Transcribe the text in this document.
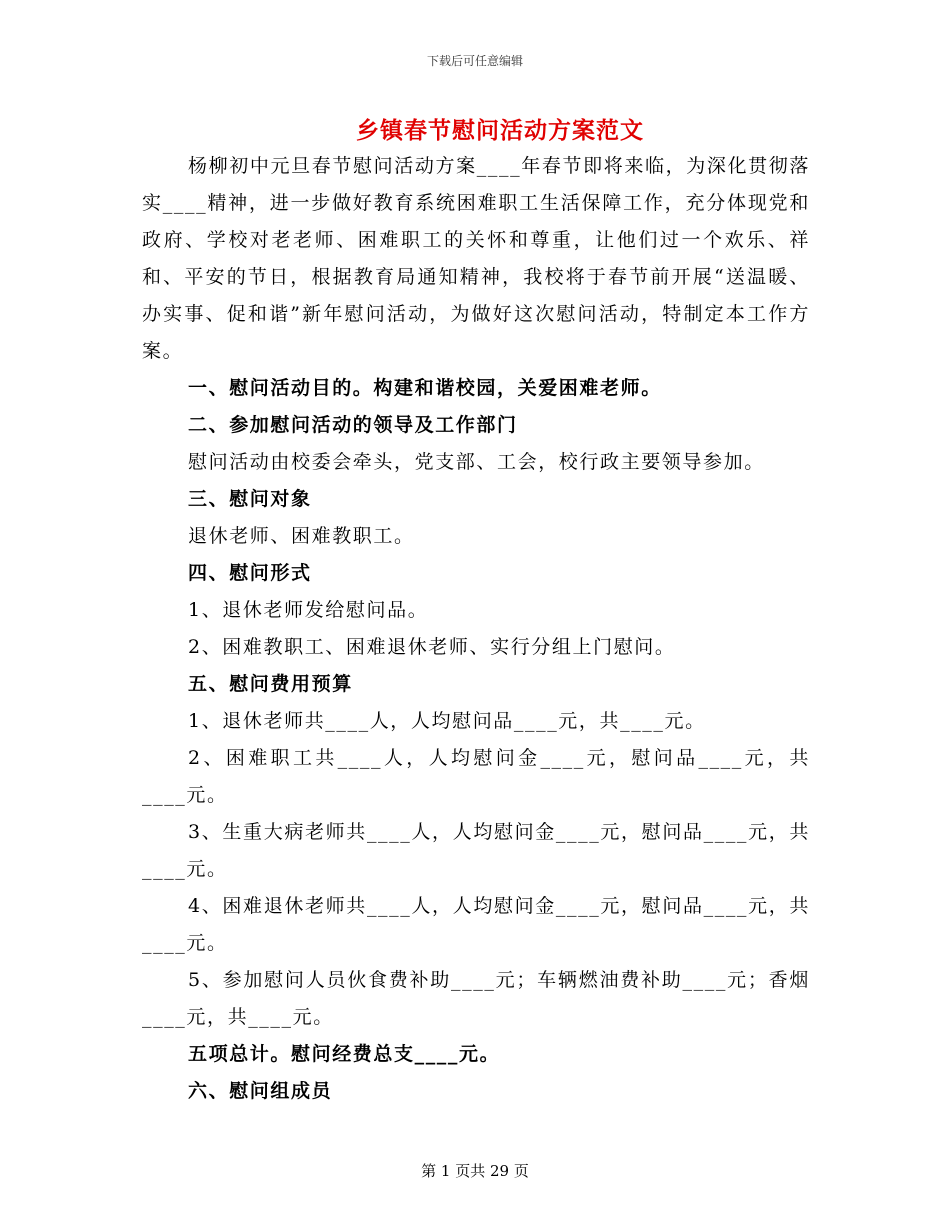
下载后可任意编辑
乡镇春节慰问活动方案范文

杨柳初中元旦春节慰问活动方案____年春节即将来临，为深化贯彻落实____精神，进一步做好教育系统困难职工生活保障工作，充分体现党和政府、学校对老老师、困难职工的关怀和尊重，让他们过一个欢乐、祥和、平安的节日，根据教育局通知精神，我校将于春节前开展“送温暖、办实事、促和谐”新年慰问活动，为做好这次慰问活动，特制定本工作方案。

一、慰问活动目的。构建和谐校园，关爱困难老师。

二、参加慰问活动的领导及工作部门

慰问活动由校委会牵头，党支部、工会，校行政主要领导参加。

三、慰问对象

退休老师、困难教职工。

四、慰问形式

1、退休老师发给慰问品。

2、困难教职工、困难退休老师、实行分组上门慰问。

五、慰问费用预算

1、退休老师共____人，人均慰问品____元，共____元。

2、困难职工共____人，人均慰问金____元，慰问品____元，共____元。

3、生重大病老师共____人，人均慰问金____元，慰问品____元，共____元。

4、困难退休老师共____人，人均慰问金____元，慰问品____元，共____元。

5、参加慰问人员伙食费补助____元；车辆燃油费补助____元；香烟____元，共____元。

五项总计。慰问经费总支____元。

六、慰问组成员

第 1 页共 29 页
